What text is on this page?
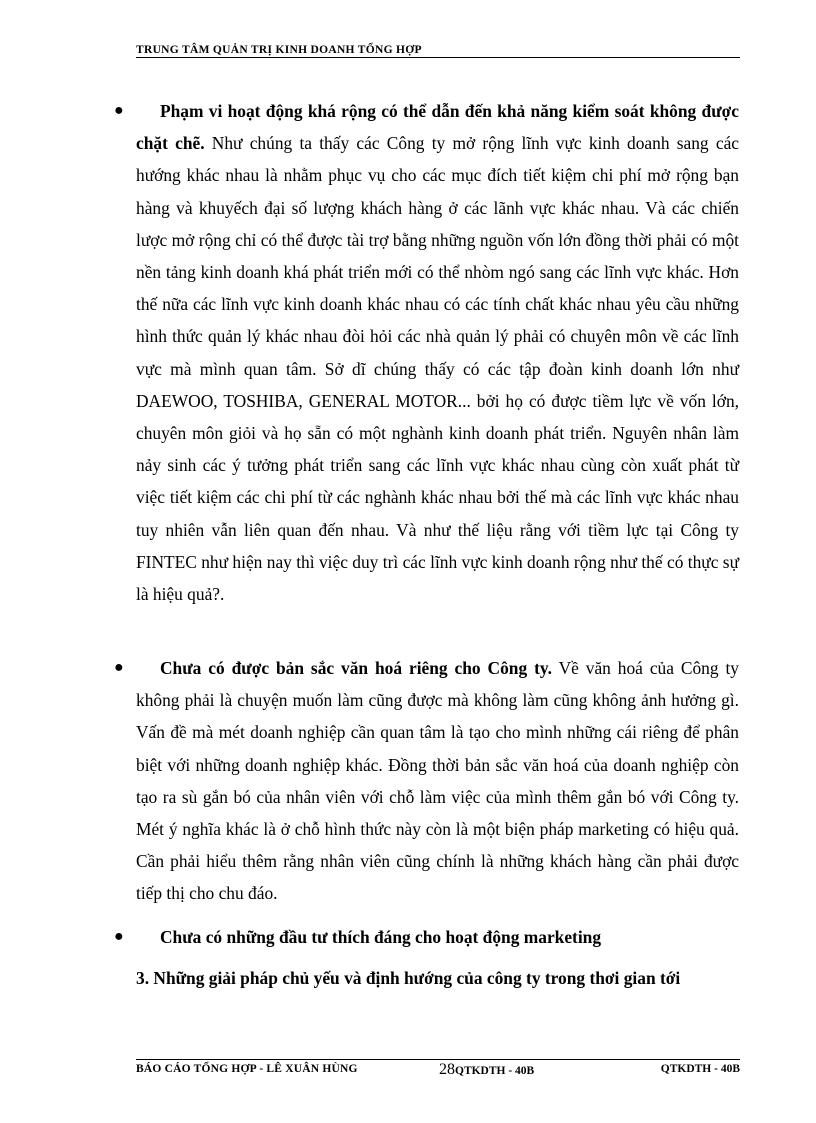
TRUNG TÂM QUẢN TRỊ KINH DOANH TỔNG HỢP
● Phạm vi hoạt động khá rộng có thể dẫn đến khả năng kiểm soát không được chặt chẽ. Như chúng ta thấy các Công ty mở rộng lĩnh vực kinh doanh sang các hướng khác nhau là nhằm phục vụ cho các mục đích tiết kiệm chi phí mở rộng bạn hàng và khuyếch đại số lượng khách hàng ở các lãnh vực khác nhau. Và các chiến lược mở rộng chỉ có thể được tài trợ bằng những nguồn vốn lớn đồng thời phải có một nền tảng kinh doanh khá phát triển mới có thể nhòm ngó sang các lĩnh vực khác. Hơn thế nữa các lĩnh vực kinh doanh khác nhau có các tính chất khác nhau yêu cầu những hình thức quản lý khác nhau đòi hỏi các nhà quản lý phải có chuyên môn về các lĩnh vực mà mình quan tâm. Sở dĩ chúng thấy có các tập đoàn kinh doanh lớn như DAEWOO, TOSHIBA, GENERAL MOTOR... bởi họ có được tiềm lực về vốn lớn, chuyên môn giỏi và họ sẵn có một nghành kinh doanh phát triển. Nguyên nhân làm nảy sinh các ý tưởng phát triển sang các lĩnh vực khác nhau cùng còn xuất phát từ việc tiết kiệm các chi phí từ các nghành khác nhau bởi thế mà các lĩnh vực khác nhau tuy nhiên vẫn liên quan đến nhau. Và như thế liệu rằng với tiềm lực tại Công ty FINTEC như hiện nay thì việc duy trì các lĩnh vực kinh doanh rộng như thế có thực sự là hiệu quả?.
● Chưa có được bản sắc văn hoá riêng cho Công ty. Về văn hoá của Công ty không phải là chuyện muốn làm cũng được mà không làm cũng không ảnh hưởng gì. Vấn đề mà mét doanh nghiệp cần quan tâm là tạo cho mình những cái riêng để phân biệt với những doanh nghiệp khác. Đồng thời bản sắc văn hoá của doanh nghiệp còn tạo ra sù gắn bó của nhân viên với chỗ làm việc của mình thêm gắn bó với Công ty. Mét ý nghĩa khác là ở chỗ hình thức này còn là một biện pháp marketing có hiệu quả. Cần phải hiểu thêm rằng nhân viên cũng chính là những khách hàng cần phải được tiếp thị cho chu đáo.
● Chưa có những đầu tư thích đáng cho hoạt động marketing
3. Những giải pháp chủ yếu và định hướng của công ty trong thơi gian tới
BÁO CÁO TỔNG HỢP - LÊ XUÂN HÙNG	28QTKDTH - 40B	QTKDTH - 40B
